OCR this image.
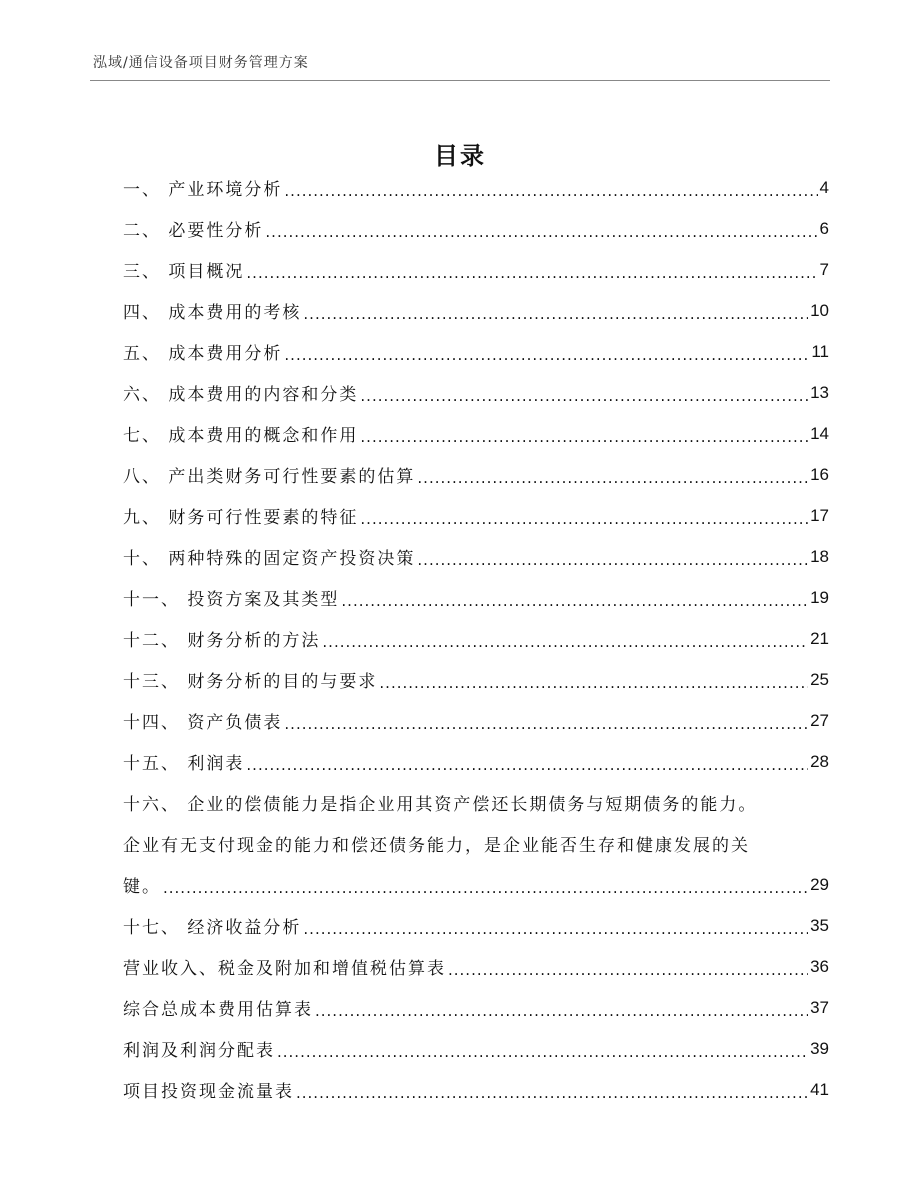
泓域/通信设备项目财务管理方案
目录
一、 产业环境分析 .....	4
二、 必要性分析 .....	6
三、 项目概况 .....	7
四、 成本费用的考核 .....	10
五、 成本费用分析 .....	11
六、 成本费用的内容和分类 .....	13
七、 成本费用的概念和作用 .....	14
八、 产出类财务可行性要素的估算 .....	16
九、 财务可行性要素的特征 .....	17
十、 两种特殊的固定资产投资决策 .....	18
十一、 投资方案及其类型 .....	19
十二、 财务分析的方法 .....	21
十三、 财务分析的目的与要求 .....	25
十四、 资产负债表 .....	27
十五、 利润表 .....	28
十六、 企业的偿债能力是指企业用其资产偿还长期债务与短期债务的能力。
企业有无支付现金的能力和偿还债务能力，是企业能否生存和健康发展的关
键。 .....	29
十七、 经济收益分析 .....	35
营业收入、税金及附加和增值税估算表 .....	36
综合总成本费用估算表 .....	37
利润及利润分配表 .....	39
项目投资现金流量表 .....	41
